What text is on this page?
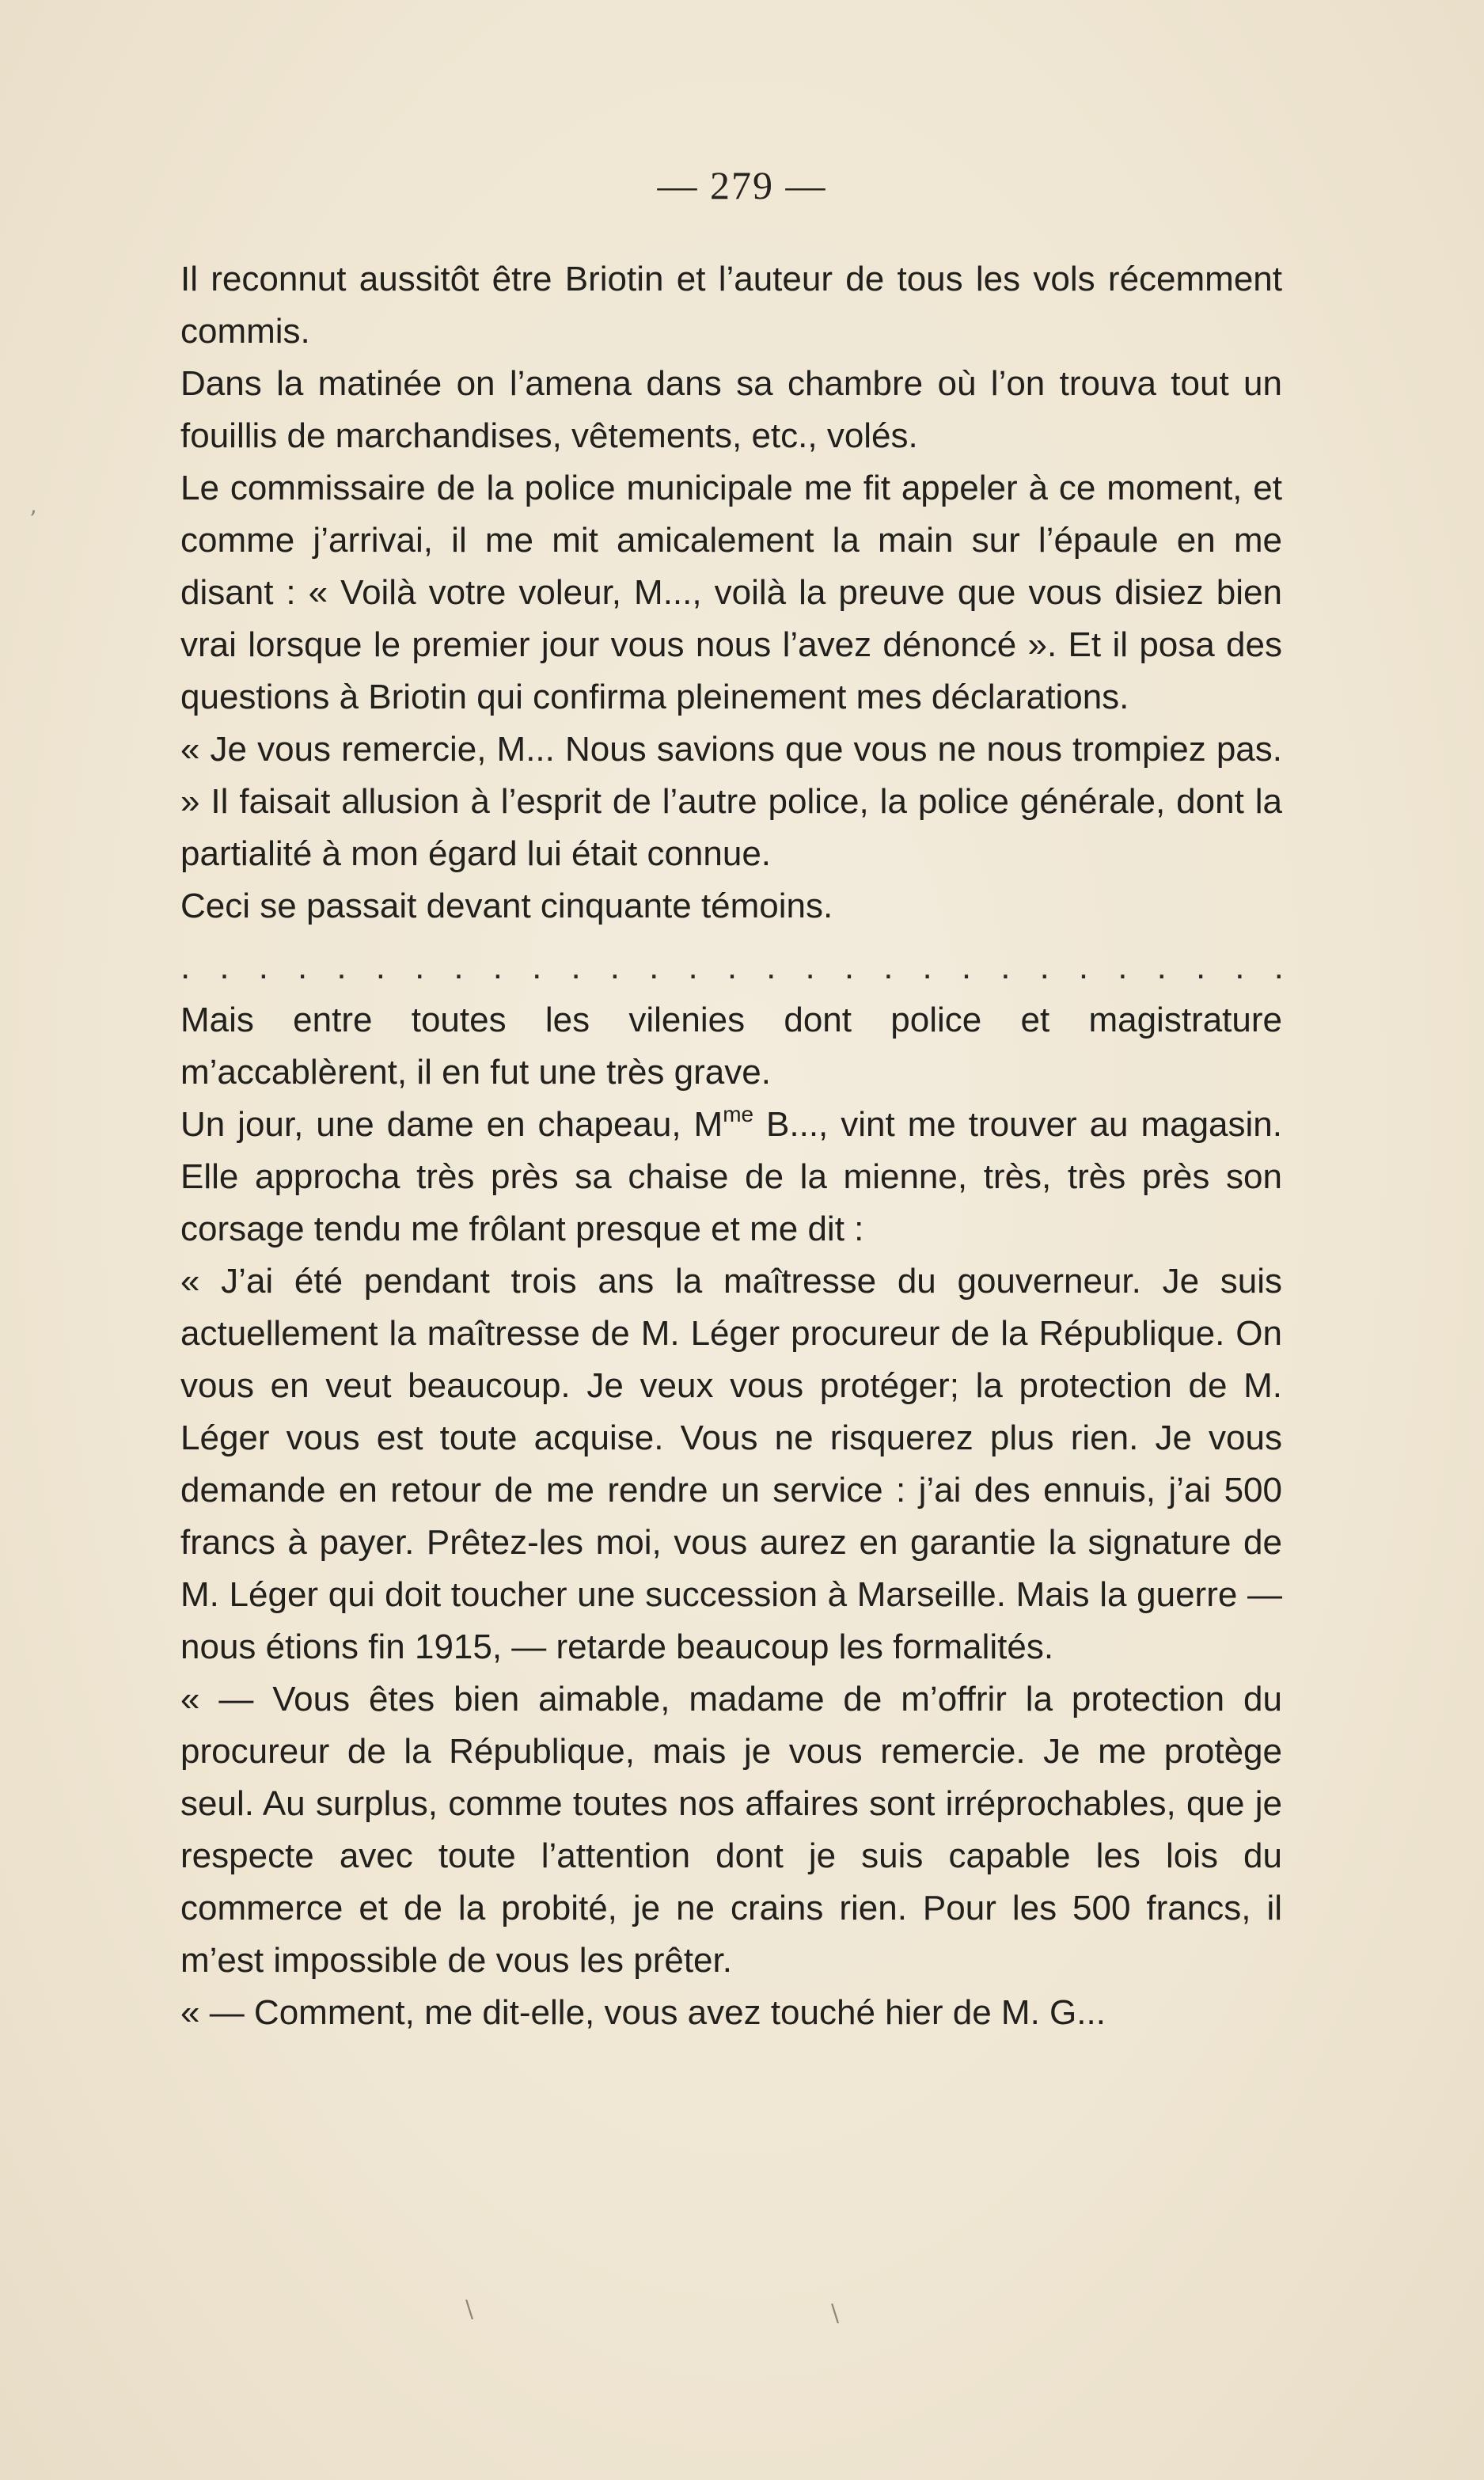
— 279 —

Il reconnut aussitôt être Briotin et l’auteur de tous les vols récemment commis.

Dans la matinée on l’amena dans sa chambre où l’on trouva tout un fouillis de marchandises, vêtements, etc., volés.

Le commissaire de la police municipale me fit appeler à ce moment, et comme j’arrivai, il me mit amicalement la main sur l’épaule en me disant : « Voilà votre voleur, M..., voilà la preuve que vous disiez bien vrai lorsque le premier jour vous nous l’avez dénoncé ». Et il posa des questions à Briotin qui confirma pleinement mes déclarations.

« Je vous remercie, M... Nous savions que vous ne nous trompiez pas. » Il faisait allusion à l’esprit de l’autre police, la police générale, dont la partialité à mon égard lui était connue.

Ceci se passait devant cinquante témoins.

. . . . . . . . . . . . . . . . . . . . . . . . . . . . .

Mais entre toutes les vilenies dont police et magistrature m’accablèrent, il en fut une très grave.

Un jour, une dame en chapeau, $M^{me}$ B..., vint me trouver au magasin. Elle approcha très près sa chaise de la mienne, très, très près son corsage tendu me frôlant presque et me dit :

« J’ai été pendant trois ans la maîtresse du gouverneur. Je suis actuellement la maîtresse de M. Léger procureur de la République. On vous en veut beaucoup. Je veux vous protéger; la protection de M. Léger vous est toute acquise. Vous ne risquerez plus rien. Je vous demande en retour de me rendre un service : j’ai des ennuis, j’ai 500 francs à payer. Prêtez-les moi, vous aurez en garantie la signature de M. Léger qui doit toucher une succession à Marseille. Mais la guerre — nous étions fin 1915, — retarde beaucoup les formalités.

« — Vous êtes bien aimable, madame de m’offrir la protection du procureur de la République, mais je vous remercie. Je me protège seul. Au surplus, comme toutes nos affaires sont irréprochables, que je respecte avec toute l’attention dont je suis capable les lois du commerce et de la probité, je ne crains rien. Pour les 500 francs, il m’est impossible de vous les prêter.

« — Comment, me dit-elle, vous avez touché hier de M. G...

ʼ
\	\
